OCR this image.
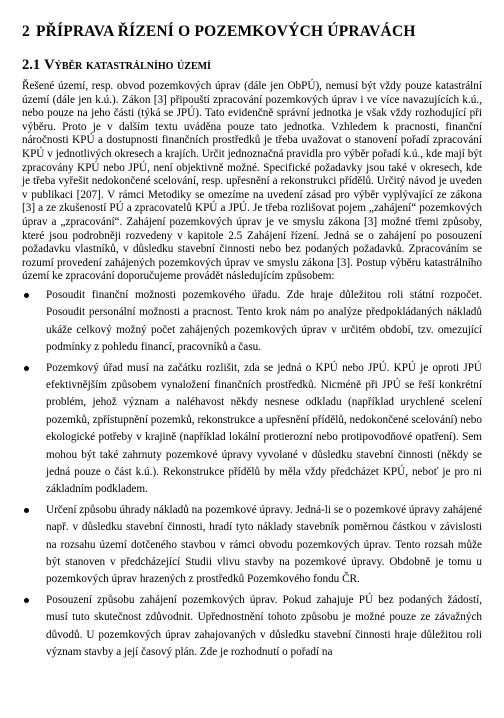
2 PŘÍPRAVA ŘÍZENÍ O POZEMKOVÝCH ÚPRAVÁCH
2.1 Výběr katastrálního území

Řešené území, resp. obvod pozemkových úprav (dále jen ObPÚ), nemusí být vždy pouze katastrální území (dále jen k.ú.). Zákon [3] připouští zpracování pozemkových úprav i ve více navazujících k.ú., nebo pouze na jeho části (týká se JPÚ). Tato evidenčně správní jednotka je však vždy rozhodující při výběru. Proto je v dalším textu uváděna pouze tato jednotka. Vzhledem k pracnosti, finanční náročnosti KPÚ a dostupnosti finančních prostředků je třeba uvažovat o stanovení pořadí zpracování KPÚ v jednotlivých okresech a krajích. Určit jednoznačná pravidla pro výběr pořadí k.ú., kde mají být zpracovány KPÚ nebo JPÚ, není objektivně možné. Specifické požadavky jsou také v okresech, kde je třeba vyřešit nedokončené scelování, resp. upřesnění a rekonstrukci přídělů. Určitý návod je uveden v publikaci [207]. V rámci Metodiky se omezíme na uvedení zásad pro výběr vyplývající ze zákona [3] a ze zkušeností PÚ a zpracovatelů KPÚ a JPÚ. Je třeba rozlišovat pojem „zahájení“ pozemkových úprav a „zpracování“. Zahájení pozemkových úprav je ve smyslu zákona [3] možné třemi způsoby, které jsou podrobněji rozvedeny v kapitole 2.5 Zahájení řízení. Jedná se o zahájení po posouzení požadavku vlastníků, v důsledku stavební činnosti nebo bez podaných požadavků. Zpracováním se rozumí provedení zahájených pozemkových úprav ve smyslu zákona [3]. Postup výběru katastrálního území ke zpracování doporučujeme provádět následujícím způsobem:

Posoudit finanční možnosti pozemkového úřadu. Zde hraje důležitou roli státní rozpočet. Posoudit personální možnosti a pracnost. Tento krok nám po analýze předpokládaných nákladů ukáže celkový možný počet zahájených pozemkových úprav v určitém období, tzv. omezující podmínky z pohledu financí, pracovníků a času.
Pozemkový úřad musí na začátku rozlišit, zda se jedná o KPÚ nebo JPÚ. KPÚ je oproti JPÚ efektivnějším způsobem vynaložení finančních prostředků. Nicméně při JPÚ se řeší konkrétní problém, jehož význam a naléhavost někdy nesnese odkladu (například urychlené scelení pozemků, zpřístupnění pozemků, rekonstrukce a upřesnění přídělů, nedokončené scelování) nebo ekologické potřeby v krajině (například lokální protierozní nebo protipovodňové opatření). Sem mohou být také zahrnuty pozemkové úpravy vyvolané v důsledku stavební činnosti (někdy se jedná pouze o část k.ú.). Rekonstrukce přídělů by měla vždy předcházet KPÚ, neboť je pro ni základním podkladem.
Určení způsobu úhrady nákladů na pozemkové úpravy. Jedná-li se o pozemkové úpravy zahájené např. v důsledku stavební činnosti, hradí tyto náklady stavebník poměrnou částkou v závislosti na rozsahu území dotčeného stavbou v rámci obvodu pozemkových úprav. Tento rozsah může být stanoven v předcházející Studii vlivu stavby na pozemkové úpravy. Obdobně je tomu u pozemkových úprav hrazených z prostředků Pozemkového fondu ČR.
Posouzení způsobu zahájení pozemkových úprav. Pokud zahajuje PÚ bez podaných žádostí, musí tuto skutečnost zdůvodnit. Upřednostnění tohoto způsobu je možné pouze ze závažných důvodů. U pozemkových úprav zahajovaných v důsledku stavební činnosti hraje důležitou roli význam stavby a její časový plán. Zde je rozhodnutí o pořadí na
